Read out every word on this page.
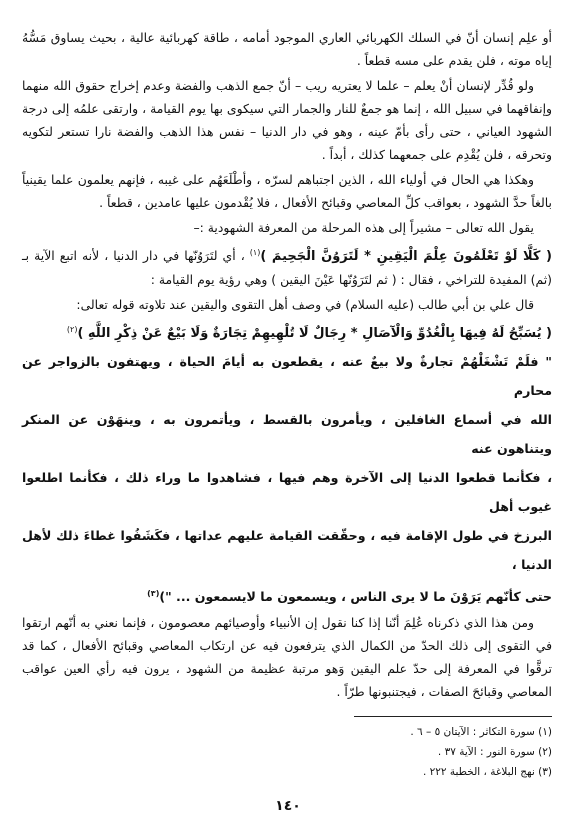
أو علِم إنسان أنّ في السلك الكهربائي العاري الموجود أمامه ، طاقة كهربائية عالية ، بحيث يساوق مَسُّهُ إياه موته ، فلن يقدم على مسه قطعاً .

ولو قُدِّر لإنسان أنْ يعلم – علما لا يعتريه ريب – أنّ جمع الذهب والفضة وعدم إخراج حقوق الله منهما وإنفاقهما في سبيل الله ، إنما هو جمعٌ للنار والجمار التي سيكوى بها يوم القيامة ، وارتقى علمُه إلى درجة الشهود العياني ، حتى رأى بأمّ عينه ، وهو في دار الدنيا – نفس هذا الذهب والفضة نارا تستعر لتكويه وتحرقه ، فلن يُقْدِم على جمعهما كذلك ، أبداً .

وهكذا هي الحال في أولياء الله ، الذين اجتباهم لسرّه ، وأطْلَعَهُم على غيبه ، فإنهم يعلمون علما يقينياً بالغاً حدَّ الشهود ، بعواقب كلِّ المعاصي وقبائح الأفعال ، فلا يُقْدمون عليها عامدين ، قطعاً .

يقول الله تعالى – مشيراً إلى هذه المرحلة من المعرفة الشهودية :–

( كَلَّا لَوْ تَعْلَمُونَ عِلْمَ الْيَقِينِ * لَتَرَوُنَّ الْجَحِيمَ )$^{(١)}$ ، أي لتَرَوُنّها في دار الدنيا ، لأنه اتبع الآية بـ (ثم) المفيدة للتراخي ، فقال : ( ثم لتَرَوُنّها عَيْنَ اليقين ) وهي رؤية يوم القيامة :

قال علي بن أبي طالب (عليه السلام) في وصف أهل التقوى واليقين عند تلاوته قوله تعالى:

( يُسَبِّحُ لَهُ فِيهَا بِالْغُدُوِّ وَالْآصَالِ * رِجَالٌ لَا تُلْهِيهِمْ تِجَارَةٌ وَلَا بَيْعٌ عَنْ ذِكْرِ اللَّهِ )$^{(٢)}$

" فلَمْ تَشْغَلْهُمْ تجارةٌ ولا بيعٌ عنه ، يقطعون به أيامَ الحياة ، ويهتفون بالزواجر عن محارم
الله في أسماع الغافلين ، ويأمرون بالقسط ، ويأتمرون به ، وينهَوْن عن المنكر ويتناهون عنه
، فكأنما قطعوا الدنيا إلى الآخرة وهم فيها ، فشاهدوا ما وراء ذلك ، فكأنما اطلعوا غيوب أهل
البرزخ في طول الإقامة فيه ، وحقّقت القيامة عليهم عداتها ، فكَشَفُوا غطاءَ ذلك لأهل الدنيا ،
حتى كأنّهم يَرَوْنَ ما لا يرى الناس ، ويسمعون ما لايسمعون ... ")$^{(٣)}$

ومن هذا الذي ذكرناه عُلِمَ أنّنا إذا كنا نقول إن الأنبياء وأوصيائهم معصومون ، فإنما نعني به أنّهم ارتقوا في التقوى إلى ذلك الحدّ من الكمال الذي يترفعون فيه عن ارتكاب المعاصي وقبائح الأفعال ، كما قد ترقَّوا في المعرفة إلى حدّ علم اليقين وَهو مرتبة عظيمة من الشهود ، يرون فيه رأي العين عواقب المعاصي وقبائحَ الصفات ، فيجتنبونها طرّاً .

(١) سورة التكاثر : الآيتان ٥ – ٦ .
(٢) سورة النور : الآية ٣٧ .
(٣) نهج البلاغة ، الخطبة ٢٢٢ .
١٤٠
